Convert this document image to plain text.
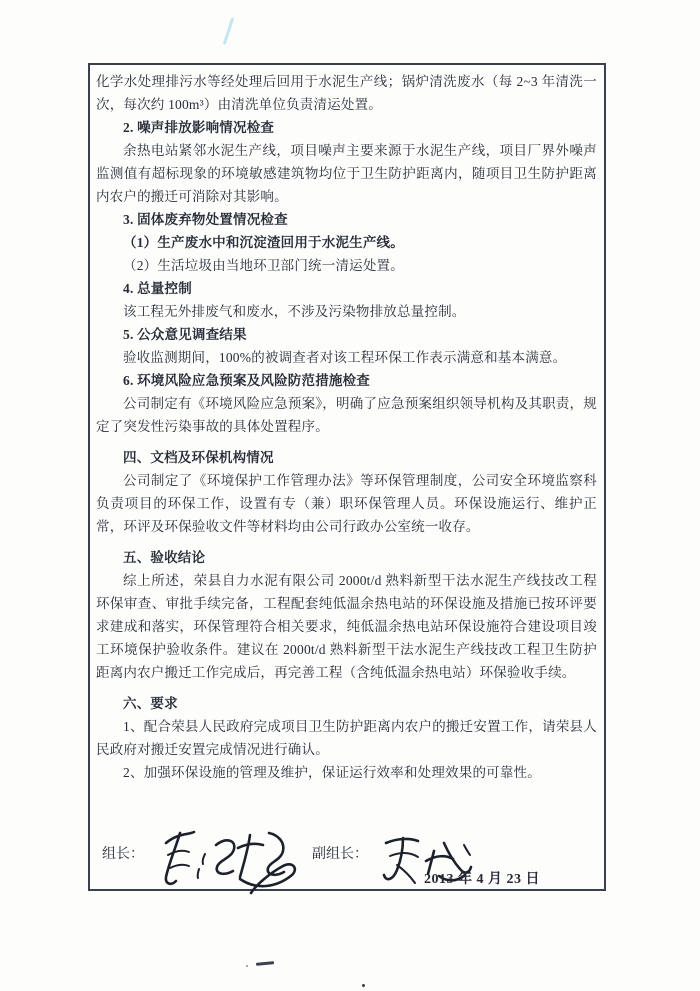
化学水处理排污水等经处理后回用于水泥生产线；锅炉清洗废水（每 2~3 年清洗一次，每次约 100m³）由清洗单位负责清运处置。

2. 噪声排放影响情况检查

余热电站紧邻水泥生产线，项目噪声主要来源于水泥生产线，项目厂界外噪声监测值有超标现象的环境敏感建筑物均位于卫生防护距离内，随项目卫生防护距离内农户的搬迁可消除对其影响。

3. 固体废弃物处置情况检查

（1）生产废水中和沉淀渣回用于水泥生产线。

（2）生活垃圾由当地环卫部门统一清运处置。

4. 总量控制

该工程无外排废气和废水，不涉及污染物排放总量控制。

5. 公众意见调查结果

验收监测期间，100%的被调查者对该工程环保工作表示满意和基本满意。

6. 环境风险应急预案及风险防范措施检查

公司制定有《环境风险应急预案》，明确了应急预案组织领导机构及其职责，规定了突发性污染事故的具体处置程序。

四、文档及环保机构情况

公司制定了《环境保护工作管理办法》等环保管理制度，公司安全环境监察科负责项目的环保工作，设置有专（兼）职环保管理人员。环保设施运行、维护正常，环评及环保验收文件等材料均由公司行政办公室统一收存。

五、验收结论

综上所述，荣县自力水泥有限公司 2000t/d 熟料新型干法水泥生产线技改工程环保审查、审批手续完备，工程配套纯低温余热电站的环保设施及措施已按环评要求建成和落实，环保管理符合相关要求，纯低温余热电站环保设施符合建设项目竣工环境保护验收条件。建议在 2000t/d 熟料新型干法水泥生产线技改工程卫生防护距离内农户搬迁工作完成后，再完善工程（含纯低温余热电站）环保验收手续。

六、要求

1、配合荣县人民政府完成项目卫生防护距离内农户的搬迁安置工作，请荣县人民政府对搬迁安置完成情况进行确认。

2、加强环保设施的管理及维护，保证运行效率和处理效果的可靠性。

组长：	副组长：
2013 年 4 月 23 日
